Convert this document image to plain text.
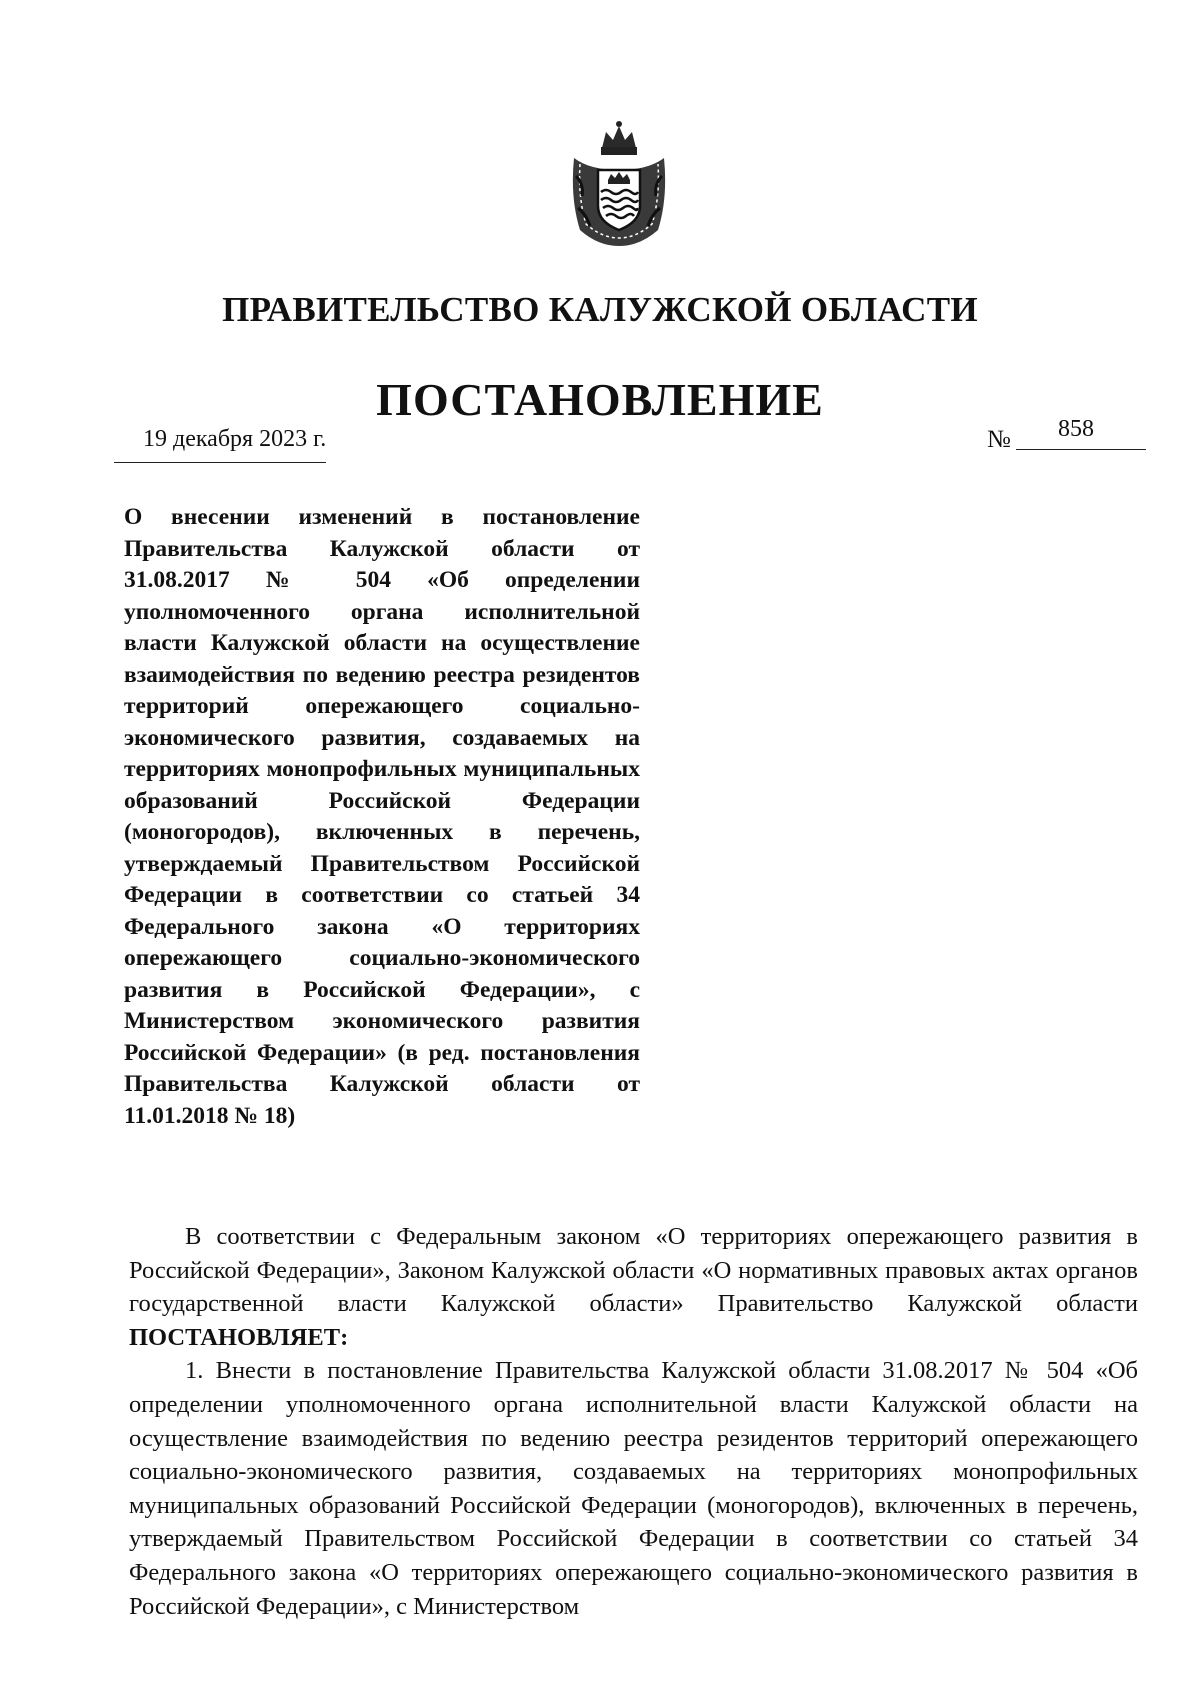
ПРАВИТЕЛЬСТВО КАЛУЖСКОЙ ОБЛАСТИ
ПОСТАНОВЛЕНИЕ
19 декабря 2023 г.	№ 858
О внесении изменений в постановление Правительства Калужской области от 31.08.2017 № 504 «Об определении уполномоченного органа исполнительной власти Калужской области на осуществление взаимодействия по ведению реестра резидентов территорий опережающего социально-экономического развития, создаваемых на территориях монопрофильных муниципальных образований Российской Федерации (моногородов), включенных в перечень, утверждаемый Правительством Российской Федерации в соответствии со статьей 34 Федерального закона «О территориях опережающего социально-экономического развития в Российской Федерации», с Министерством экономического развития Российской Федерации» (в ред. постановления Правительства Калужской области от 11.01.2018 № 18)

В соответствии с Федеральным законом «О территориях опережающего развития в Российской Федерации», Законом Калужской области «О нормативных правовых актах органов государственной власти Калужской области» Правительство Калужской области ПОСТАНОВЛЯЕТ:

1. Внести в постановление Правительства Калужской области 31.08.2017 № 504 «Об определении уполномоченного органа исполнительной власти Калужской области на осуществление взаимодействия по ведению реестра резидентов территорий опережающего социально-экономического развития, создаваемых на территориях монопрофильных муниципальных образований Российской Федерации (моногородов), включенных в перечень, утверждаемый Правительством Российской Федерации в соответствии со статьей 34 Федерального закона «О территориях опережающего социально-экономического развития в Российской Федерации», с Министерством
